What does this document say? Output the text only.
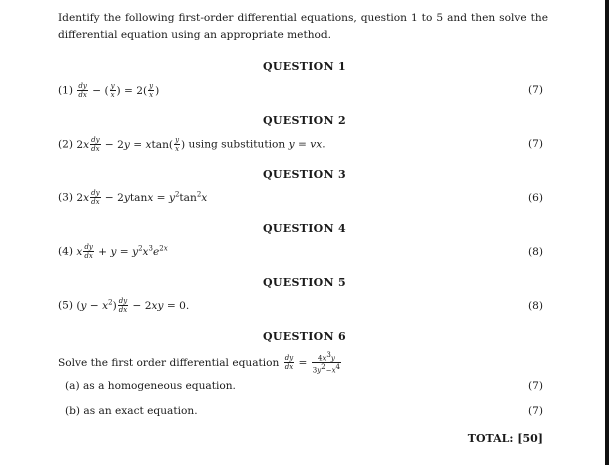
Identify the following first-order differential equations, question 1 to 5 and then solve the differential equation using an appropriate method.
QUESTION 1
$(1) \frac{dy}{dx}$ − ( $\frac{y}{x}$ ) = $2( \frac{y}{x}$ )	(7)
QUESTION 2
(2) $2x \frac{dy}{dx} - 2y = xtan( \frac{y}{x}$ ) using substitution y = vx.	(7)
QUESTION 3
(3) $2x \frac{dy}{dx} - 2ytanx = y^2\tan^2x$	(6)
QUESTION 4
(4) x $\frac{dy}{dx} + y = y^2x^3e^{2x}$	(8)
QUESTION 5
(5) $(y - x^2) \frac{dy}{dx} - 2xy = 0$.	(8)
QUESTION 6
Solve the first order differential equation $\frac{dy}{dx} = \frac{4x^3y}{3y^2-x^4}$
(a) as a homogeneous equation.	(7)
(b) as an exact equation.	(7)
TOTAL: [50]
